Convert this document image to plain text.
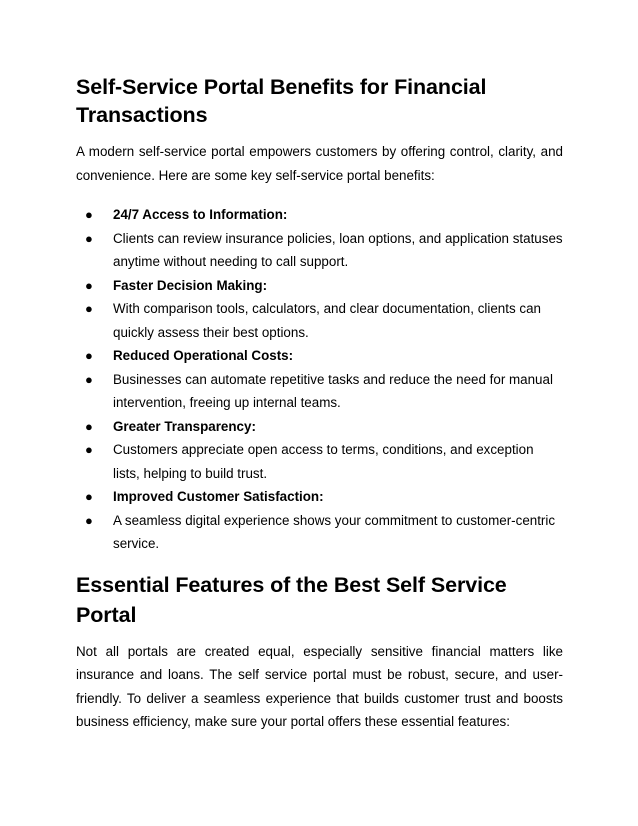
Self-Service Portal Benefits for Financial Transactions

A modern self-service portal empowers customers by offering control, clarity, and convenience. Here are some key self-service portal benefits:

● 24/7 Access to Information:
● Clients can review insurance policies, loan options, and application statuses anytime without needing to call support.
● Faster Decision Making:
● With comparison tools, calculators, and clear documentation, clients can quickly assess their best options.
● Reduced Operational Costs:
● Businesses can automate repetitive tasks and reduce the need for manual intervention, freeing up internal teams.
● Greater Transparency:
● Customers appreciate open access to terms, conditions, and exception lists, helping to build trust.
● Improved Customer Satisfaction:
● A seamless digital experience shows your commitment to customer-centric service.
Essential Features of the Best Self Service Portal

Not all portals are created equal, especially sensitive financial matters like insurance and loans. The self service portal must be robust, secure, and user-friendly. To deliver a seamless experience that builds customer trust and boosts business efficiency, make sure your portal offers these essential features:
